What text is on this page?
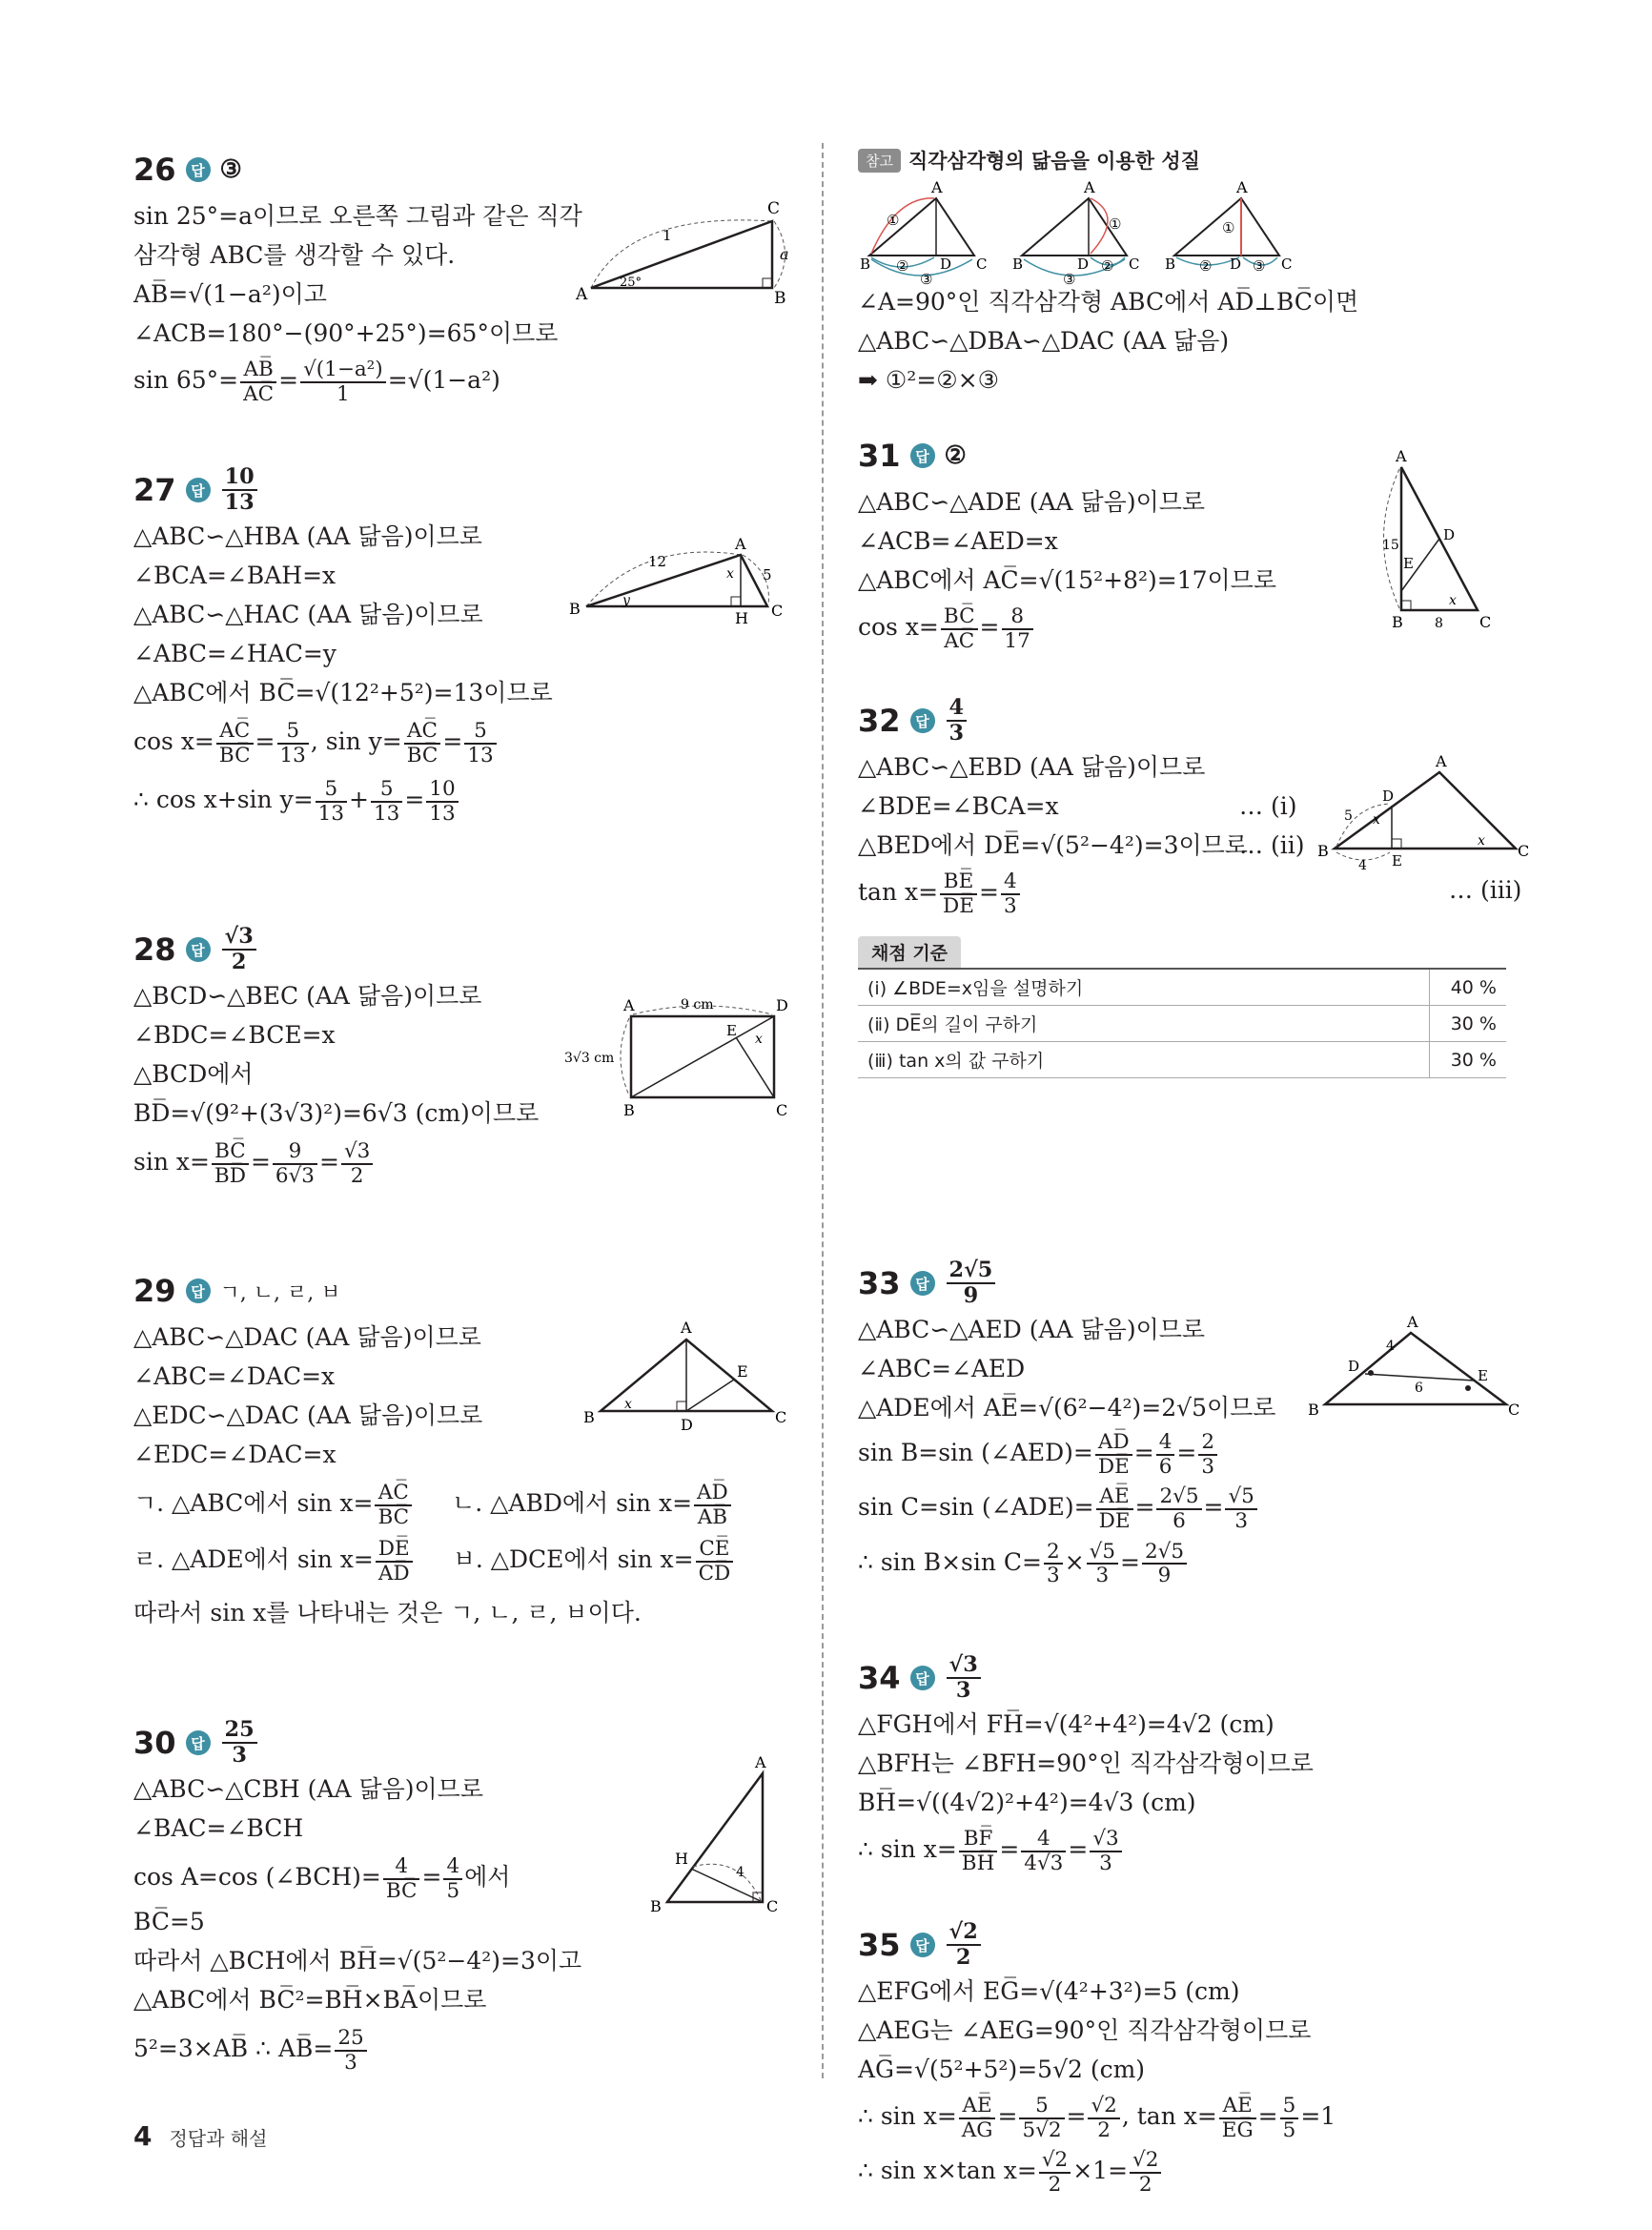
26	답 ③
sin 25°=a이므로 오른쪽 그림과 같은 직각
삼각형 ABC를 생각할 수 있다.
AB̅=√(1−a²)이고
∠ACB=180°−(90°+25°)=65°이므로
$\sin 65^\circ= \frac{AB̅}{AC̅} = \frac{\text{√(1−a²)}}{1} =√(1-a^2)$
A	B
C
1
25°
a
27	답 $\frac{10}{13}$
△ABC∽△HBA (AA 닮음)이므로
∠BCA=∠BAH=x
△ABC∽△HAC (AA 닮음)이므로
∠ABC=∠HAC=y
△ABC에서 BC̅=√(12²+5²)=13이므로
$\cos x= \frac{AC̅}{BC̅} = \frac{5}{13}$ , $\sin y= \frac{AC̅}{BC̅} = \frac{5}{13}$
∴ cos x+sin $y= \frac{5}{13} + \frac{5}{13} = \frac{10}{13}$
B
A
C
H
12
5
x
y
28	답 $\frac{√3}{2}$
△BCD∽△BEC (AA 닮음)이므로
∠BDC=∠BCE=x
△BCD에서
BD̅=√(9²+(3√3)²)=6√3 (cm)이므로
$\sin x= \frac{BC̅}{BD̅} = \frac{9}{6√3} = \frac{√3}{2}$
A	D
B	C
E
9 cm
3√3 cm
x
29	답 ㄱ, ㄴ, ㄹ, ㅂ
△ABC∽△DAC (AA 닮음)이므로
∠ABC=∠DAC=x
△EDC∽△DAC (AA 닮음)이므로
∠EDC=∠DAC=x
ㄱ. △ABC에서 $\sin x= \frac{AC̅}{BC̅}$ ㄴ. △ABD에서 $\sin x= \frac{AD̅}{AB̅}$
ㄹ. △ADE에서 $\sin x= \frac{DE̅}{AD̅}$ ㅂ. △DCE에서 $\sin x= \frac{CE̅}{CD̅}$
따라서 sin x를 나타내는 것은 ㄱ, ㄴ, ㄹ, ㅂ이다.
B	C
A
D
E
x
30	답 $\frac{25}{3}$
△ABC∽△CBH (AA 닮음)이므로
∠BAC=∠BCH
cos A=cos (∠BCH)= $\frac{4}{BC̅} = \frac{4}{5}$ 에서
BC̅=5
따라서 △BCH에서 BH̅=√(5²−4²)=3이고
△ABC에서 BC̅²=BH̅×BA̅이므로
5²=3×AB̅ ∴ AB̅= $\frac{25}{3}$
A
B	C
H
4
참고 직각삼각형의 닮음을 이용한 성질
A
B	C
D
①
②
③
A
B	C
D
①
②
③
A
B	C
D
①
②	③
∠A=90°인 직각삼각형 ABC에서 AD̅⊥BC̅이면
△ABC∽△DBA∽△DAC (AA 닮음)
➡ ①²=②×③
31	답 ②
△ABC∽△ADE (AA 닮음)이므로
∠ACB=∠AED=x
△ABC에서 AC̅=√(15²+8²)=17이므로
$\cos x= \frac{BC̅}{AC̅} = \frac{8}{17}$
A
B	C
D
E
15
8
x
32	답 $\frac{4}{3}$
△ABC∽△EBD (AA 닮음)이므로
∠BDE=∠BCA=x	… (ⅰ)
△BED에서 DE̅=√(5²−4²)=3이므로
… (ⅱ)
$\tan x= \frac{BE̅}{DE̅} = \frac{4}{3}$	… (ⅲ)
A
B	C
D
E
5
4
x
x
채점 기준
(ⅰ) ∠BDE=x임을 설명하기	40 %
(ⅱ) DE̅의 길이 구하기	30 %
(ⅲ) tan x의 값 구하기	30 %
33	답 $\frac{2√5}{9}$
△ABC∽△AED (AA 닮음)이므로
∠ABC=∠AED
△ADE에서 AE̅=√(6²−4²)=2√5이므로
sin B=sin (∠AED)= $\frac{AD̅}{DE̅} = \frac{4}{6} = \frac{2}{3}$
sin C=sin (∠ADE)= $\frac{AE̅}{DE̅} = \frac{2√5}{6} = \frac{√5}{3}$
∴ sin B×sin $C= \frac{2}{3} \times \frac{√5}{3} = \frac{2√5}{9}$
A
B	C
D
E
4
6
34	답 $\frac{√3}{3}$
△FGH에서 FH̅=√(4²+4²)=4√2 (cm)
△BFH는 ∠BFH=90°인 직각삼각형이므로
BH̅=√((4√2)²+4²)=4√3 (cm)
∴ $\sin x= \frac{BF̅}{BH̅} = \frac{4}{4√3} = \frac{√3}{3}$
35	답 $\frac{√2}{2}$
△EFG에서 EG̅=√(4²+3²)=5 (cm)
△AEG는 ∠AEG=90°인 직각삼각형이므로
AG̅=√(5²+5²)=5√2 (cm)
∴ $\sin x= \frac{AE̅}{AG̅} = \frac{5}{5√2} = \frac{√2}{2}$ , $\tan x= \frac{AE̅}{EG̅} = \frac{5}{5} =1$
∴ sin x×tan $x= \frac{√2}{2} \times 1= \frac{√2}{2}$
4 정답과 해설
